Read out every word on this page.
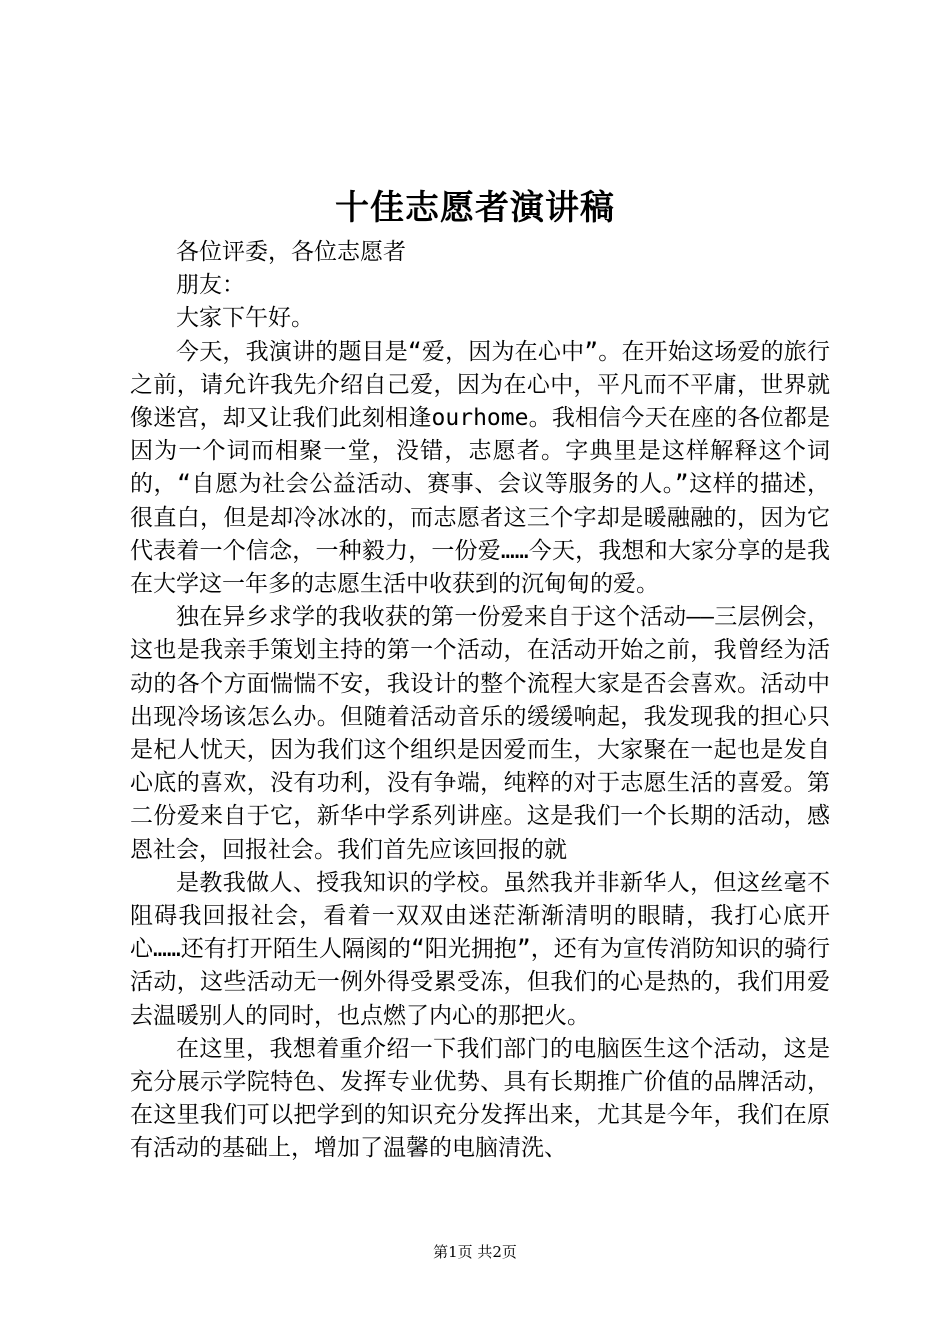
十佳志愿者演讲稿

各位评委，各位志愿者

朋友：

大家下午好。

今天，我演讲的题目是“爱，因为在心中”。在开始这场爱的旅行之前，请允许我先介绍自己爱，因为在心中，平凡而不平庸，世界就像迷宫，却又让我们此刻相逢ourhome。我相信今天在座的各位都是因为一个词而相聚一堂，没错，志愿者。字典里是这样解释这个词的，“自愿为社会公益活动、赛事、会议等服务的人。”这样的描述，很直白，但是却冷冰冰的，而志愿者这三个字却是暖融融的，因为它代表着一个信念，一种毅力，一份爱……今天，我想和大家分享的是我在大学这一年多的志愿生活中收获到的沉甸甸的爱。

独在异乡求学的我收获的第一份爱来自于这个活动——三层例会，这也是我亲手策划主持的第一个活动，在活动开始之前，我曾经为活动的各个方面惴惴不安，我设计的整个流程大家是否会喜欢。活动中出现冷场该怎么办。但随着活动音乐的缓缓响起，我发现我的担心只是杞人忧天，因为我们这个组织是因爱而生，大家聚在一起也是发自心底的喜欢，没有功利，没有争端，纯粹的对于志愿生活的喜爱。第二份爱来自于它，新华中学系列讲座。这是我们一个长期的活动，感恩社会，回报社会。我们首先应该回报的就

是教我做人、授我知识的学校。虽然我并非新华人，但这丝毫不阻碍我回报社会，看着一双双由迷茫渐渐清明的眼睛，我打心底开心……还有打开陌生人隔阂的“阳光拥抱”，还有为宣传消防知识的骑行活动，这些活动无一例外得受累受冻，但我们的心是热的，我们用爱去温暖别人的同时，也点燃了内心的那把火。

在这里，我想着重介绍一下我们部门的电脑医生这个活动，这是充分展示学院特色、发挥专业优势、具有长期推广价值的品牌活动，在这里我们可以把学到的知识充分发挥出来，尤其是今年，我们在原有活动的基础上，增加了温馨的电脑清洗、

第1页 共2页
